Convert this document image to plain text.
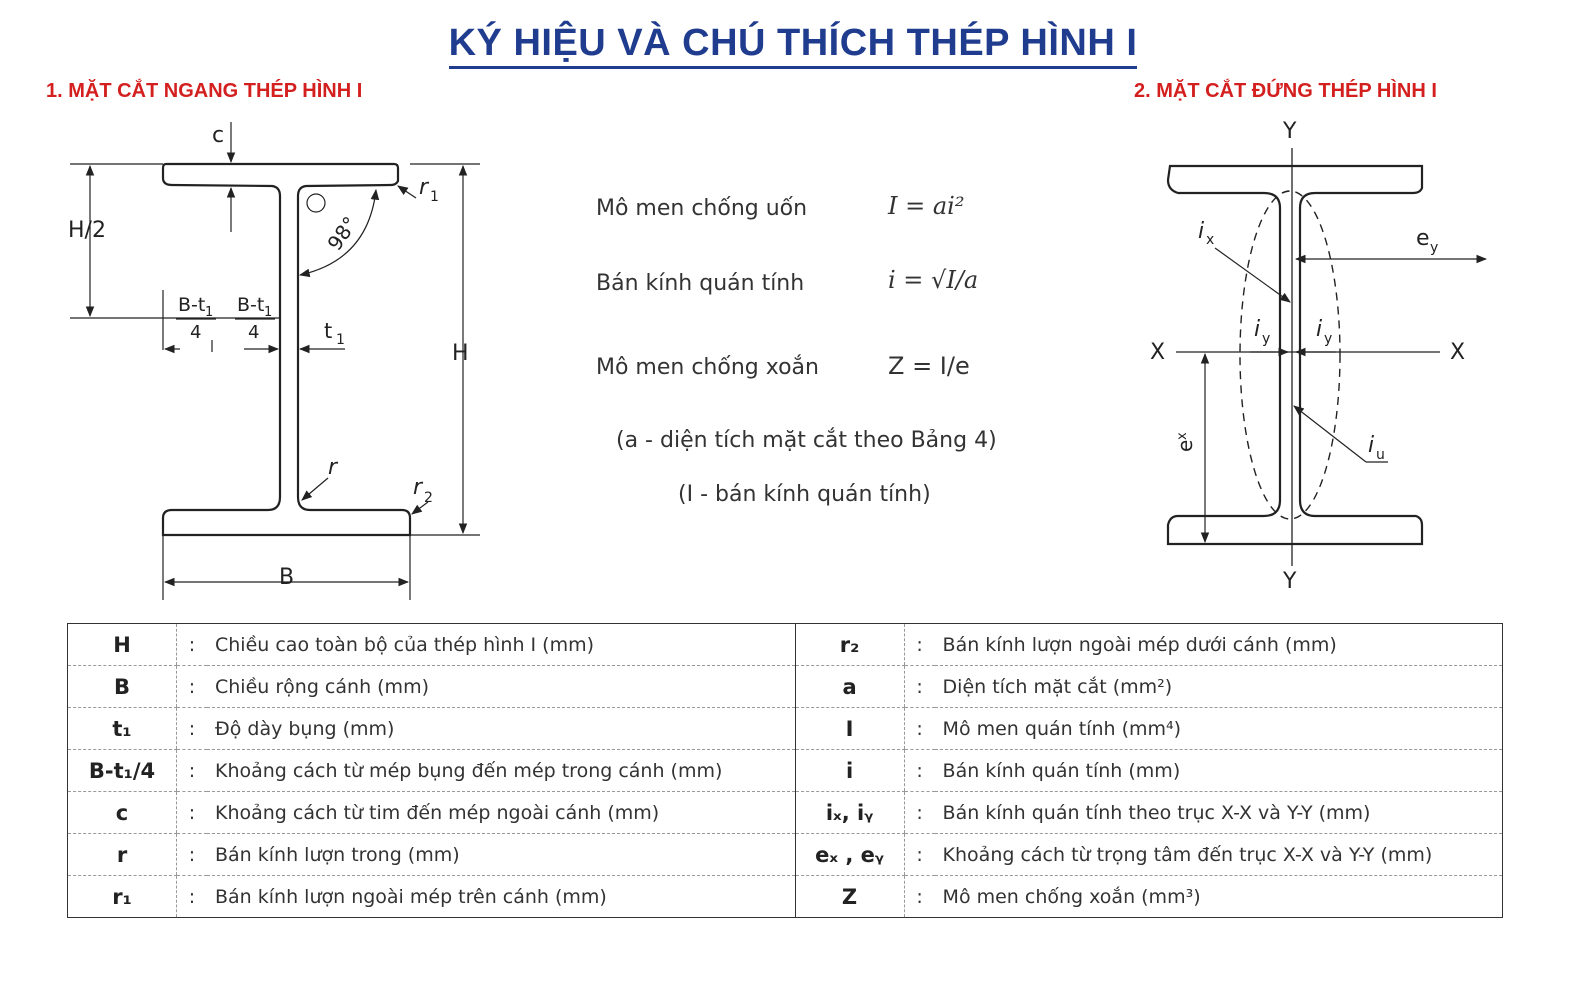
KÝ HIỆU VÀ CHÚ THÍCH THÉP HÌNH I
1. MẶT CẮT NGANG THÉP HÌNH I	2. MẶT CẮT ĐỨNG THÉP HÌNH I
c
H/2
H
B
r 1
r
r 2
t 1
98°
B-t 1
4
B-t 1
4
Y
Y
X	X
i x	e y
i y i y
i u
e
x
Mô men chống uốn	I = ai²
Bán kính quán tính	i = √I/a
Mô men chống xoắn	Z = I/e
(a - diện tích mặt cắt theo Bảng 4)
(I - bán kính quán tính)
H	:	Chiều cao toàn bộ của thép hình I (mm)	r₂	:	Bán kính lượn ngoài mép dưới cánh (mm)
B	:	Chiều rộng cánh (mm)	a	:	Diện tích mặt cắt (mm²)
t₁	:	Độ dày bụng (mm)	I	:	Mô men quán tính (mm⁴)
B-t₁/4	:	Khoảng cách từ mép bụng đến mép trong cánh (mm)	i	:	Bán kính quán tính (mm)
c	:	Khoảng cách từ tim đến mép ngoài cánh (mm)	iₓ, iᵧ	:	Bán kính quán tính theo trục X-X và Y-Y (mm)
r	:	Bán kính lượn trong (mm)	eₓ , eᵧ	:	Khoảng cách từ trọng tâm đến trục X-X và Y-Y (mm)
r₁	:	Bán kính lượn ngoài mép trên cánh (mm)	Z	:	Mô men chống xoắn (mm³)
